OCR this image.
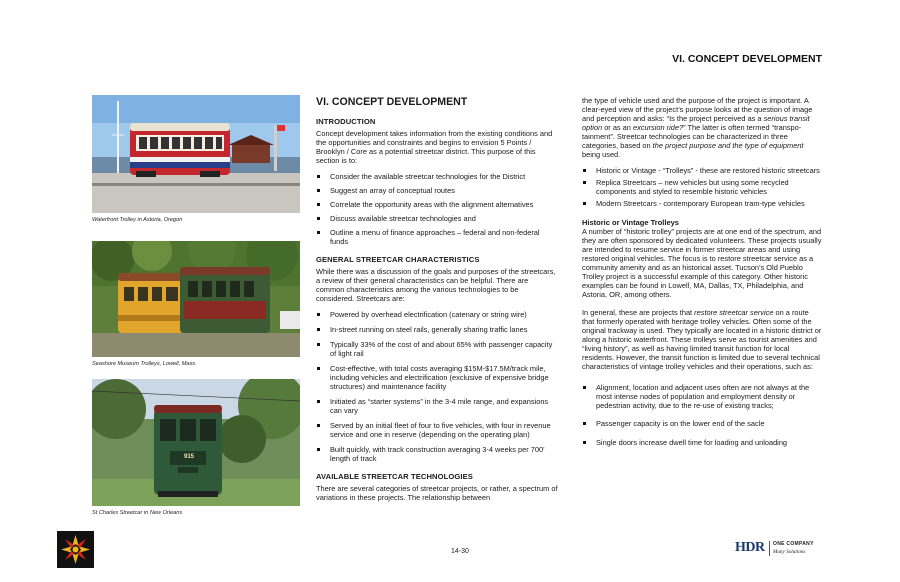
VI. CONCEPT DEVELOPMENT
Waterfront Trolley in Astoria, Oregon
Seashore Museum Trolleys, Lowell, Mass.
915
St Charles Streetcar in New Orleans
VI. CONCEPT DEVELOPMENT
INTRODUCTION

Concept development takes information from the existing conditions and the opportunities and constraints and begins to envision 5 Points / Brooklyn / Core as a potential streetcar district. This purpose of this section is to:

Consider the available streetcar technologies for the District
Suggest an array of conceptual routes
Correlate the opportunity areas with the alignment alternatives
Discuss available streetcar technologies and
Outline a menu of finance approaches – federal and non-federal funds
GENERAL STREETCAR CHARACTERISTICS

While there was a discussion of the goals and purposes of the streetcars, a review of their general characteristics can be helpful. There are common characteristics among the various technologies to be considered. Streetcars are:

Powered by overhead electrification (catenary or string wire)
In-street running on steel rails, generally sharing traffic lanes
Typically 33% of the cost of and about 65% with passenger capacity of light rail
Cost-effective, with total costs averaging $15M-$17.5M/track mile, including vehicles and electrification (exclusive of expensive bridge structures) and maintenance facility
Initiated as “starter systems” in the 3-4 mile range, and expansions can vary
Served by an initial fleet of four to five vehicles, with four in revenue service and one in reserve (depending on the operating plan)
Built quickly, with track construction averaging 3-4 weeks per 700’ length of track
AVAILABLE STREETCAR TECHNOLOGIES

There are several categories of streetcar projects, or rather, a spectrum of variations in these projects. The relationship between

the type of vehicle used and the purpose of the project is important. A clear-eyed view of the project’s purpose looks at the question of image and perception and asks: “Is the project perceived as a serious transit option or as an excursion ride?” The latter is often termed “transpo-tainment”. Streetcar technologies can be characterized in three categories, based on the project purpose and the type of equipment being used.

Historic or Vintage - “Trolleys” - these are restored historic streetcars
Replica Streetcars – new vehicles but using some recycled components and styled to resemble historic vehicles
Modern Streetcars - contemporary European tram-type vehicles
Historic or Vintage Trolleys

A number of “historic trolley” projects are at one end of the spectrum, and they are often sponsored by dedicated volunteers. These projects usually are intended to resume service in former streetcar areas and using restored original vehicles. The focus is to restore streetcar service as a community amenity and as an historical asset. Tucson’s Old Pueblo Trolley project is a successful example of this category. Other historic examples can be found in Lowell, MA, Dallas, TX, Philadelphia, and Astoria, OR, among others.

In general, these are projects that restore streetcar service on a route that formerly operated with heritage trolley vehicles. Often some of the original trackway is used. They typically are located in a historic district or along a historic waterfront. These trolleys serve as tourist amenities and “living history”, as well as having limited transit function for local residents. However, the transit function is limited due to several technical characteristics of vintage trolley vehicles and their operations, such as:

Alignment, location and adjacent uses often are not always at the most intense nodes of population and employment density or pedestrian activity, due to the re-use of existing tracks;
Passenger capacity is on the lower end of the sacle
Single doors increase dwell time for loading and unloading
14-30	HDR ONE COMPANY
Many Solutions
